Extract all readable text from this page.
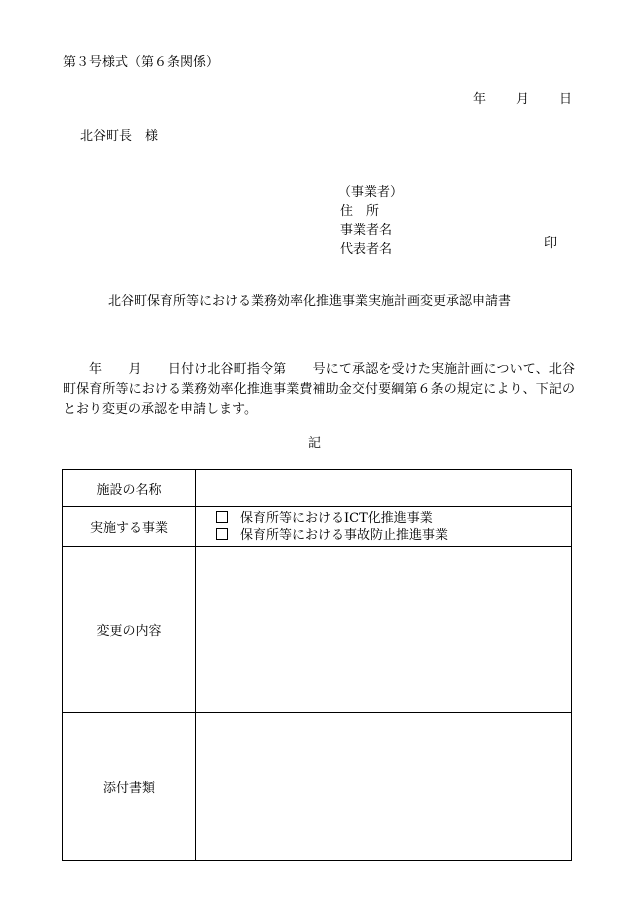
第３号様式（第６条関係）
年 月 日
北谷町長　様
（事業者）
住　所
事業者名
代表者名	印
北谷町保育所等における業務効率化推進事業実施計画変更承認申請書
年　　月　　日付け北谷町指令第　　号にて承認を受けた実施計画について、北谷町保育所等における業務効率化推進事業費補助金交付要綱第６条の規定により、下記のとおり変更の承認を申請します。
記
施設の名称	
実施する事業	保育所等におけるICT化推進事業
保育所等における事故防止推進事業

変更の内容	
添付書類	
